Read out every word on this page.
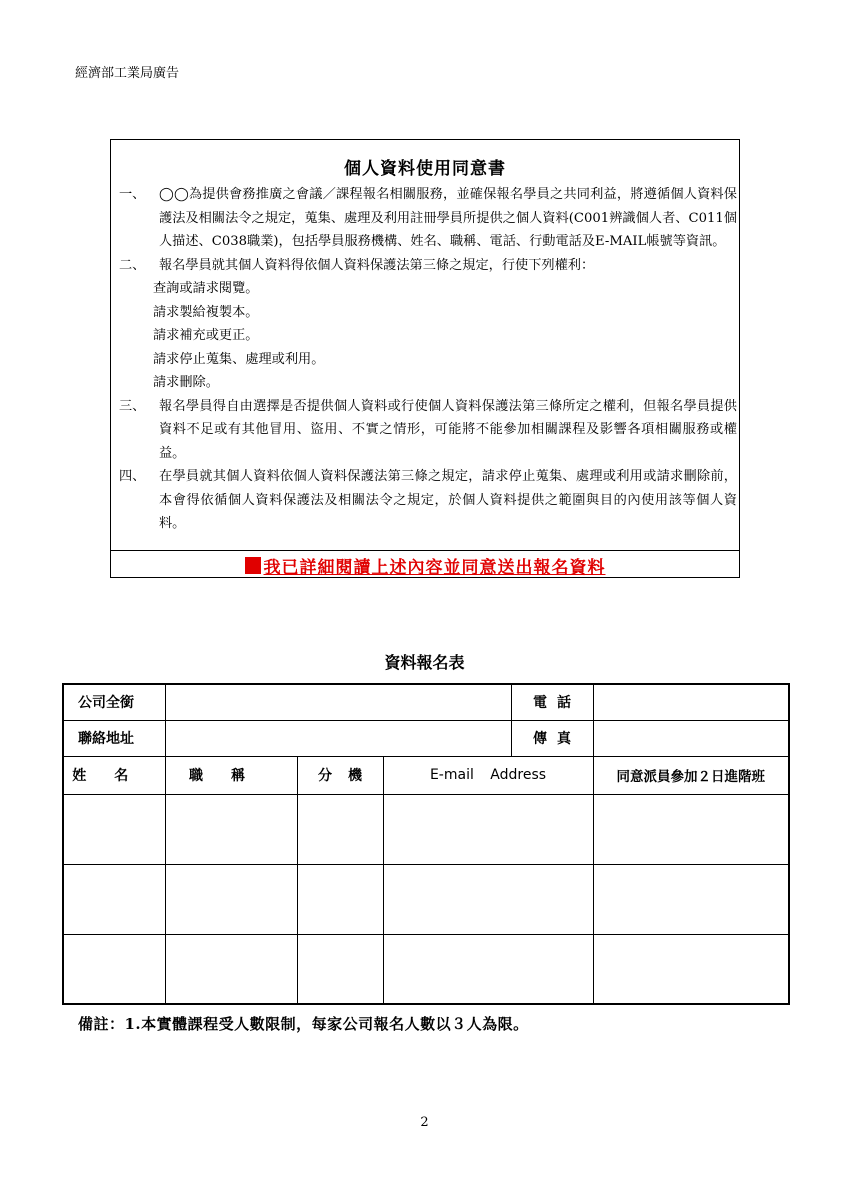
經濟部工業局廣告
個人資料使用同意書
一、	◯◯為提供會務推廣之會議／課程報名相關服務，並確保報名學員之共同利益，將遵循個人資料保護法及相關法令之規定，蒐集、處理及利用註冊學員所提供之個人資料(C001辨識個人者、C011個人描述、C038職業)，包括學員服務機構、姓名、職稱、電話、行動電話及E-MAIL帳號等資訊。
二、	報名學員就其個人資料得依個人資料保護法第三條之規定，行使下列權利：
查詢或請求閱覽。
請求製給複製本。
請求補充或更正。
請求停止蒐集、處理或利用。
請求刪除。
三、	報名學員得自由選擇是否提供個人資料或行使個人資料保護法第三條所定之權利，但報名學員提供資料不足或有其他冒用、盜用、不實之情形，可能將不能參加相關課程及影響各項相關服務或權益。
四、	在學員就其個人資料依個人資料保護法第三條之規定，請求停止蒐集、處理或利用或請求刪除前，本會得依循個人資料保護法及相關法令之規定，於個人資料提供之範圍與目的內使用該等個人資料。
我已詳細閱讀上述內容並同意送出報名資料
資料報名表
公司全銜				電話	
聯絡地址				傳真	
姓名	職稱	分機	E-mail Address		同意派員參加２日進階班

備註：1.本實體課程受人數限制，每家公司報名人數以３人為限。
2
